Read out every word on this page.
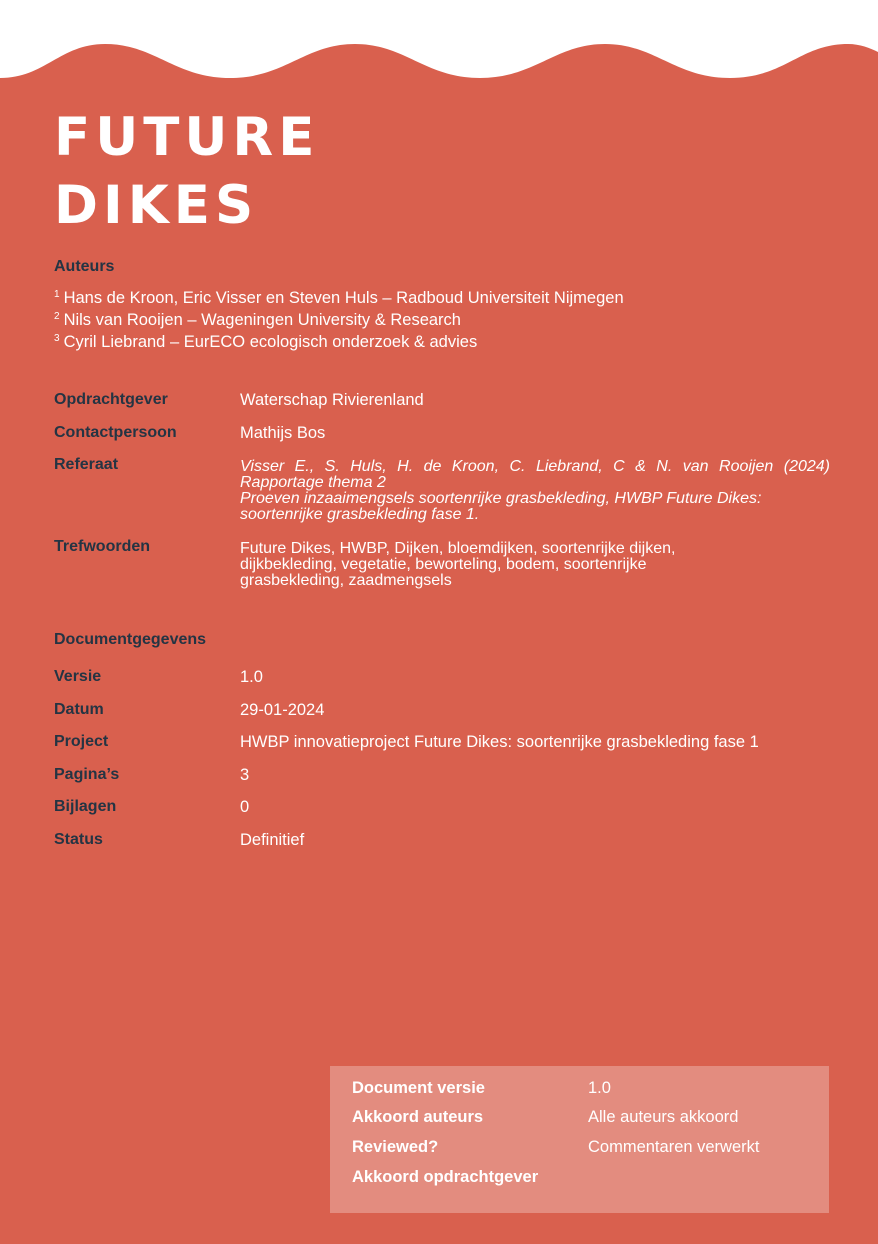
FUTURE
DIKES
Auteurs
$^1$ Hans de Kroon, Eric Visser en Steven Huls – Radboud Universiteit Nijmegen
$^2$ Nils van Rooijen – Wageningen University & Research
$^3$ Cyril Liebrand – EurECO ecologisch onderzoek & advies
Opdrachtgever	Waterschap Rivierenland
Contactpersoon	Mathijs Bos
Referaat	Visser E., S. Huls, H. de Kroon, C. Liebrand, C & N. van Rooijen (2024)
Rapportage thema 2
Proeven inzaaimengsels soortenrijke grasbekleding, HWBP Future Dikes:
soortenrijke grasbekleding fase 1.
Trefwoorden	Future Dikes, HWBP, Dijken, bloemdijken, soortenrijke dijken,
dijkbekleding, vegetatie, beworteling, bodem, soortenrijke
grasbekleding, zaadmengsels
Documentgegevens
Versie	1.0
Datum	29-01-2024
Project	HWBP innovatieproject Future Dikes: soortenrijke grasbekleding fase 1
Pagina’s	3
Bijlagen	0
Status	Definitief
Document versie	1.0
Akkoord auteurs	Alle auteurs akkoord
Reviewed?	Commentaren verwerkt
Akkoord opdrachtgever
